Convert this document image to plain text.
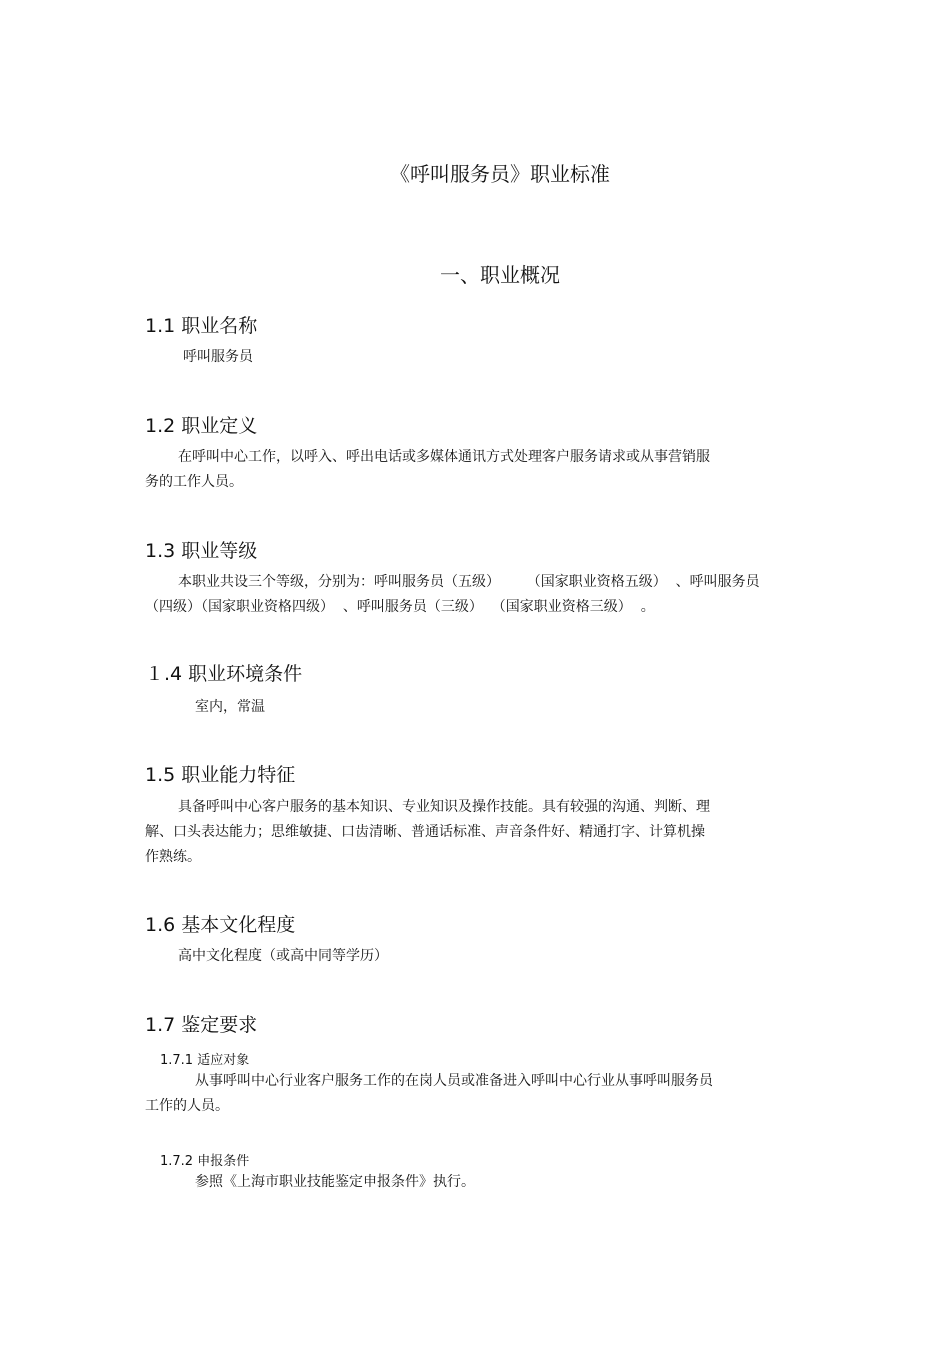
《呼叫服务员》职业标准
一、职业概况
1.1 职业名称
呼叫服务员
1.2 职业定义
在呼叫中心工作，以呼入、呼出电话或多媒体通讯方式处理客户服务请求或从事营销服
务的工作人员。
1.3 职业等级
本职业共设三个等级，分别为：呼叫服务员（五级）      （国家职业资格五级）  、呼叫服务员
（四级）（国家职业资格四级）  、呼叫服务员（三级）  （国家职业资格三级）  。
１.4 职业环境条件
室内，常温
1.5 职业能力特征
具备呼叫中心客户服务的基本知识、专业知识及操作技能。具有较强的沟通、判断、理
解、口头表达能力；思维敏捷、口齿清晰、普通话标准、声音条件好、精通打字、计算机操
作熟练。
1.6 基本文化程度
高中文化程度（或高中同等学历）
1.7 鉴定要求
1.7.1 适应对象
从事呼叫中心行业客户服务工作的在岗人员或准备进入呼叫中心行业从事呼叫服务员
工作的人员。
1.7.2 申报条件
参照《上海市职业技能鉴定申报条件》执行。
